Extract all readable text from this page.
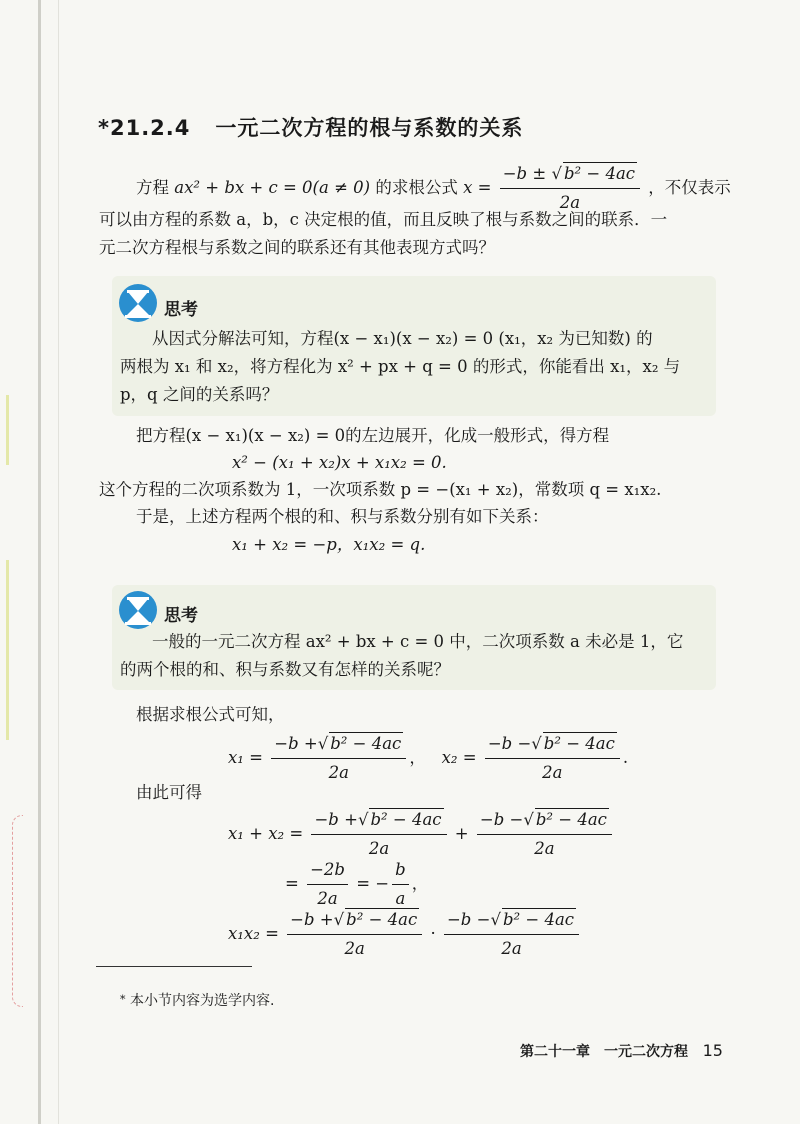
*21.2.4 一元二次方程的根与系数的关系
方程 ax² + bx + c = 0(a ≠ 0) 的求根公式 $x = \frac{\text{−b ± √ b² − 4ac}}{2a}$ ，不仅表示
可以由方程的系数 a，b，c 决定根的值，而且反映了根与系数之间的联系．一
元二次方程根与系数之间的联系还有其他表现方式吗？
思考
从因式分解法可知，方程(x − x₁)(x − x₂) = 0 (x₁，x₂ 为已知数) 的
两根为 x₁ 和 x₂，将方程化为 x² + px + q = 0 的形式，你能看出 x₁，x₂ 与
p，q 之间的关系吗？
把方程(x − x₁)(x − x₂) = 0的左边展开，化成一般形式，得方程
x² − (x₁ + x₂)x + x₁x₂ = 0.
这个方程的二次项系数为 1，一次项系数 p = −(x₁ + x₂)，常数项 q = x₁x₂.
于是，上述方程两个根的和、积与系数分别有如下关系：
x₁ + x₂ = −p，x₁x₂ = q.
思考
一般的一元二次方程 ax² + bx + c = 0 中，二次项系数 a 未必是 1，它
的两个根的和、积与系数又有怎样的关系呢？
根据求根公式可知，
$x_1 = \frac{\text{−b +√ b² − 4ac}}{2a}$ ， $x_2 = \frac{\text{−b −√ b² − 4ac}}{2a}$ .
由此可得
$x_1 + x_2 = \frac{\text{−b +√ b² − 4ac}}{2a} + \frac{\text{−b −√ b² − 4ac}}{2a}$
= $\frac{-2b}{2a}$ = − $\frac{b}{a}$ ，
$x_1x_2 = \frac{\text{−b +√ b² − 4ac}}{2a} \cdot \frac{\text{−b −√ b² − 4ac}}{2a}$
* 本小节内容为选学内容.
第二十一章　一元二次方程 15
